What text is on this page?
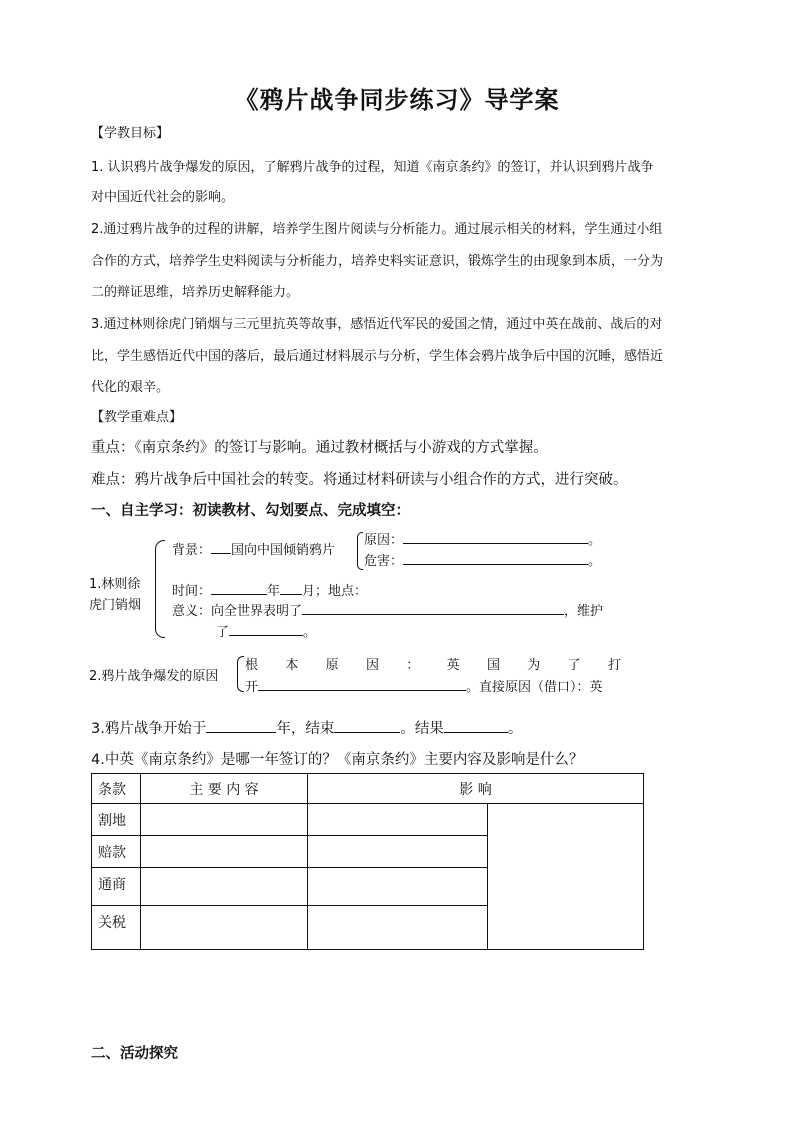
《鸦片战争同步练习》导学案
【学教目标】
1. 认识鸦片战争爆发的原因，了解鸦片战争的过程，知道《南京条约》的签订，并认识到鸦片战争
对中国近代社会的影响。
2.通过鸦片战争的过程的讲解，培养学生图片阅读与分析能力。通过展示相关的材料，学生通过小组
合作的方式，培养学生史料阅读与分析能力，培养史料实证意识，锻炼学生的由现象到本质，一分为
二的辩证思维，培养历史解释能力。
3.通过林则徐虎门销烟与三元里抗英等故事，感悟近代军民的爱国之情，通过中英在战前、战后的对
比，学生感悟近代中国的落后，最后通过材料展示与分析，学生体会鸦片战争后中国的沉睡，感悟近
代化的艰辛。
【教学重难点】
重点：《南京条约》的签订与影响。通过教材概括与小游戏的方式掌握。
难点：鸦片战争后中国社会的转变。将通过材料研读与小组合作的方式，进行突破。
一、自主学习：初读教材、勾划要点、完成填空：
1.林则徐
虎门销烟
背景： 国向中国倾销鸦片
原因：	。
危害：	。
时间：	年 月；地点：
意义：向全世界表明了	，维护
了	。
2.鸦片战争爆发的原因
根 本 原 因 ： 英 国 为 了 打
开	。直接原因（借口）：英
3.鸦片战争开始于	年，结束	。结果	。
4.中英《南京条约》是哪一年签订的？《南京条约》主要内容及影响是什么？
条款	主 要 内 容	影 响	
割地			
赔款			
通商			
关税			
二、活动探究
